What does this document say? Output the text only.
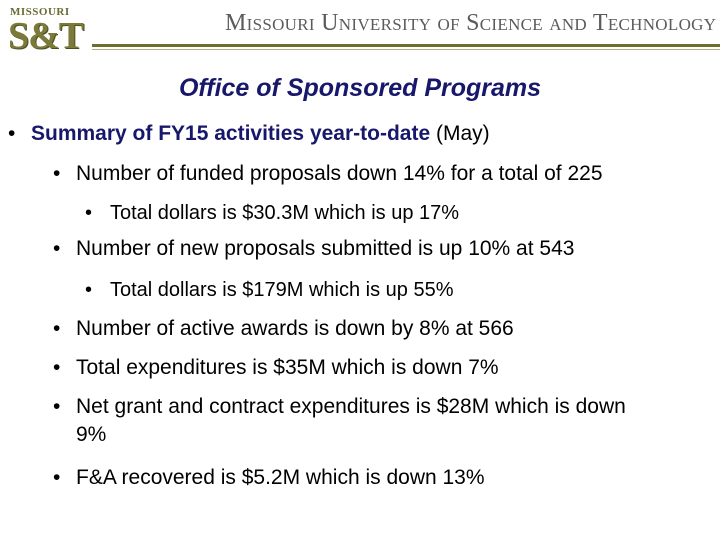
MISSOURI
S&T	Missouri University of Science and Technology
Office of Sponsored Programs
• Summary of FY15 activities year-to-date (May)
• Number of funded proposals down 14% for a total of 225
• Total dollars is $30.3M which is up 17%
• Number of new proposals submitted is up 10% at 543
• Total dollars is $179M which is up 55%
• Number of active awards is down by 8% at 566
• Total expenditures is $35M which is down 7%
• Net grant and contract expenditures is $28M which is down 9%
• F&A recovered is $5.2M which is down 13%
